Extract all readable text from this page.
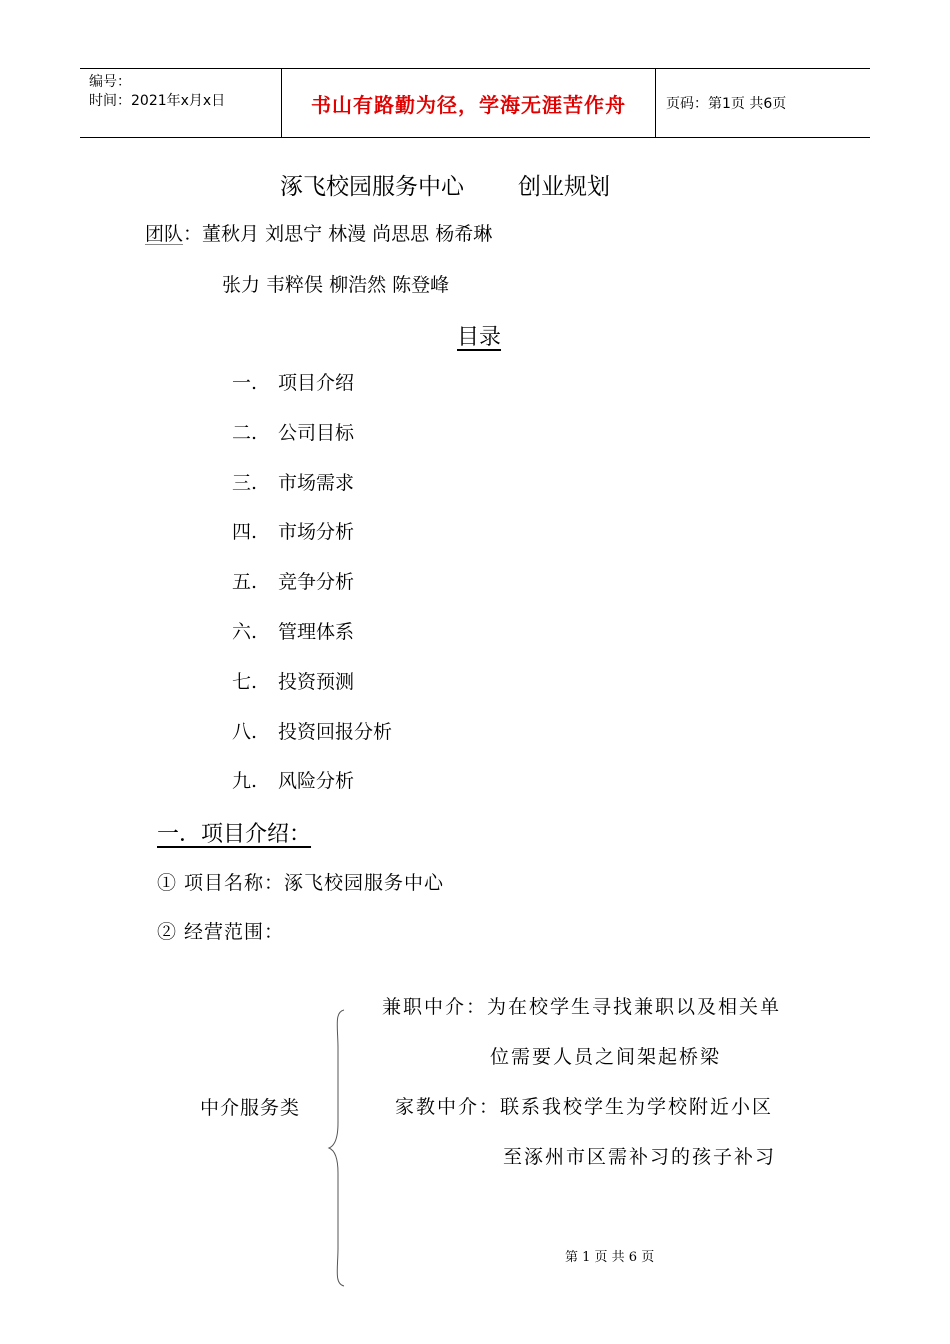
编号：
时间：2021年x月x日	书山有路勤为径，学海无涯苦作舟	页码：第1页 共6页
涿飞校园服务中心 创业规划
团队：董秋月 刘思宁 林漫 尚思思 杨希琳
张力 韦粹俣 柳浩然 陈登峰
目录
一. 项目介绍
二. 公司目标
三. 市场需求
四. 市场分析
五. 竞争分析
六. 管理体系
七. 投资预测
八. 投资回报分析
九. 风险分析
一．项目介绍：
① 项目名称：涿飞校园服务中心
② 经营范围：
中介服务类
兼职中介：为在校学生寻找兼职以及相关单
位需要人员之间架起桥梁
家教中介：联系我校学生为学校附近小区
至涿州市区需补习的孩子补习
第 1 页 共 6 页
